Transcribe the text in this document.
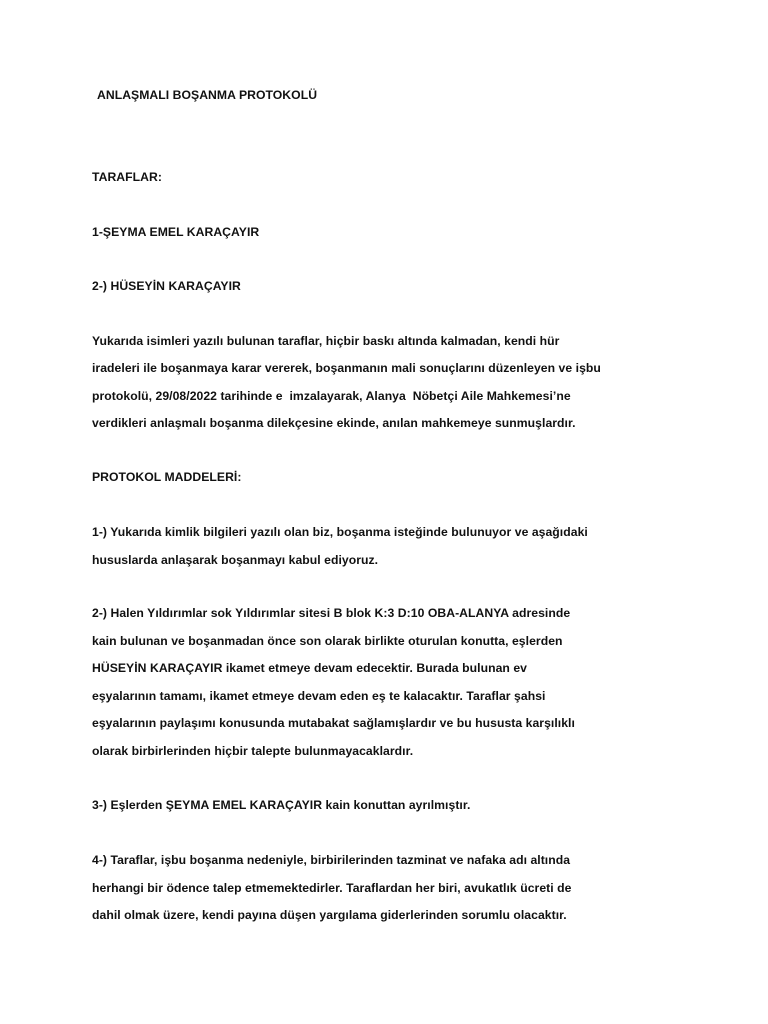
ANLAŞMALI BOŞANMA PROTOKOLÜ
TARAFLAR:
1-ŞEYMA EMEL KARAÇAYIR
2-) HÜSEYİN KARAÇAYIR
Yukarıda isimleri yazılı bulunan taraflar, hiçbir baskı altında kalmadan, kendi hür
iradeleri ile boşanmaya karar vererek, boşanmanın mali sonuçlarını düzenleyen ve işbu
protokolü, 29/08/2022 tarihinde e  imzalayarak, Alanya  Nöbetçi Aile Mahkemesi’ne
verdikleri anlaşmalı boşanma dilekçesine ekinde, anılan mahkemeye sunmuşlardır.
PROTOKOL MADDELERİ:
1-) Yukarıda kimlik bilgileri yazılı olan biz, boşanma isteğinde bulunuyor ve aşağıdaki
hususlarda anlaşarak boşanmayı kabul ediyoruz.
2-) Halen Yıldırımlar sok Yıldırımlar sitesi B blok K:3 D:10 OBA-ALANYA adresinde
kain bulunan ve boşanmadan önce son olarak birlikte oturulan konutta, eşlerden
HÜSEYİN KARAÇAYIR ikamet etmeye devam edecektir. Burada bulunan ev
eşyalarının tamamı, ikamet etmeye devam eden eş te kalacaktır. Taraflar şahsi
eşyalarının paylaşımı konusunda mutabakat sağlamışlardır ve bu hususta karşılıklı
olarak birbirlerinden hiçbir talepte bulunmayacaklardır.
3-) Eşlerden ŞEYMA EMEL KARAÇAYIR kain konuttan ayrılmıştır.
4-) Taraflar, işbu boşanma nedeniyle, birbirilerinden tazminat ve nafaka adı altında
herhangi bir ödence talep etmemektedirler. Taraflardan her biri, avukatlık ücreti de
dahil olmak üzere, kendi payına düşen yargılama giderlerinden sorumlu olacaktır.
